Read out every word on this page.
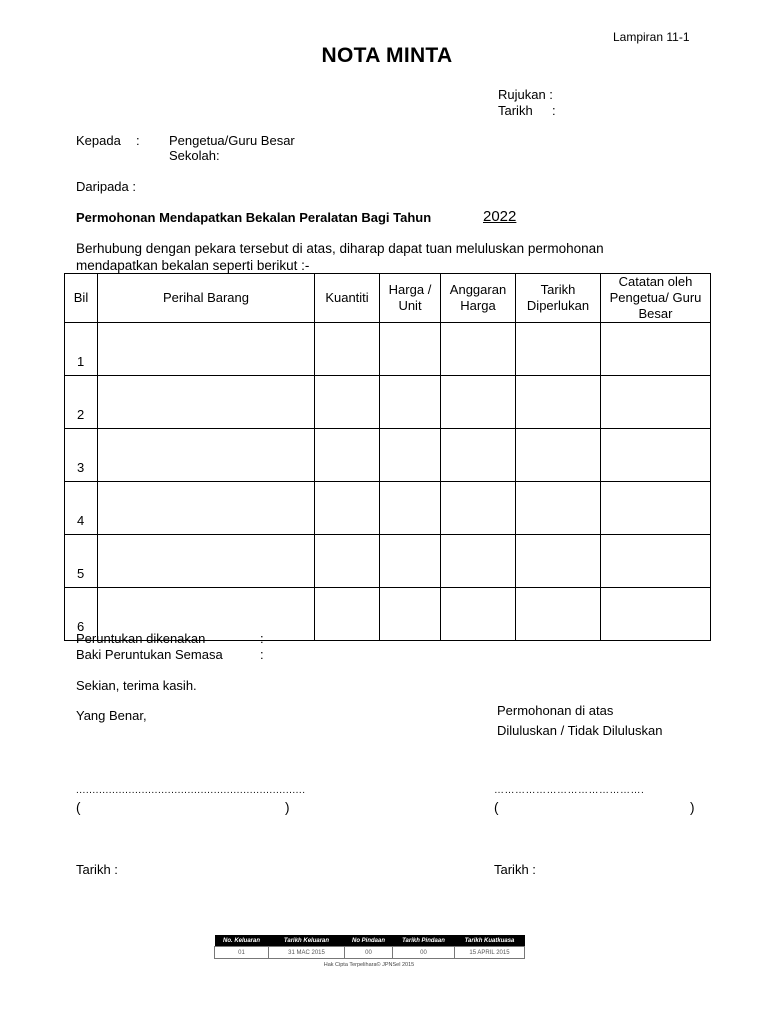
Lampiran 11-1
NOTA MINTA
Rujukan :
Tarikh :
Kepada : Pengetua/Guru Besar
Sekolah:
Daripada :
Permohonan Mendapatkan Bekalan Peralatan Bagi Tahun	2022
Berhubung dengan pekara tersebut di atas, diharap dapat tuan meluluskan permohonan mendapatkan bekalan seperti berikut :-
Bil	Perihal Barang	Kuantiti	Harga / Unit	Anggaran Harga	Tarikh Diperlukan	Catatan oleh Pengetua/ Guru Besar
1						
2						
3						
4						
5						
6						
Peruntukan dikenakan	:
Baki Peruntukan Semasa	:
Sekian, terima kasih.
Yang Benar,	Permohonan di atas
Diluluskan / Tidak Diluluskan
......................................................................
(	)
…………………………………….
(	)
Tarikh :	Tarikh :
No. Keluaran	Tarikh Keluaran	No Pindaan	Tarikh Pindaan	Tarikh Kuatkuasa
01	31 MAC 2015	00	00	15 APRIL 2015
Hak Cipta Terpelihara© JPNSel 2015
